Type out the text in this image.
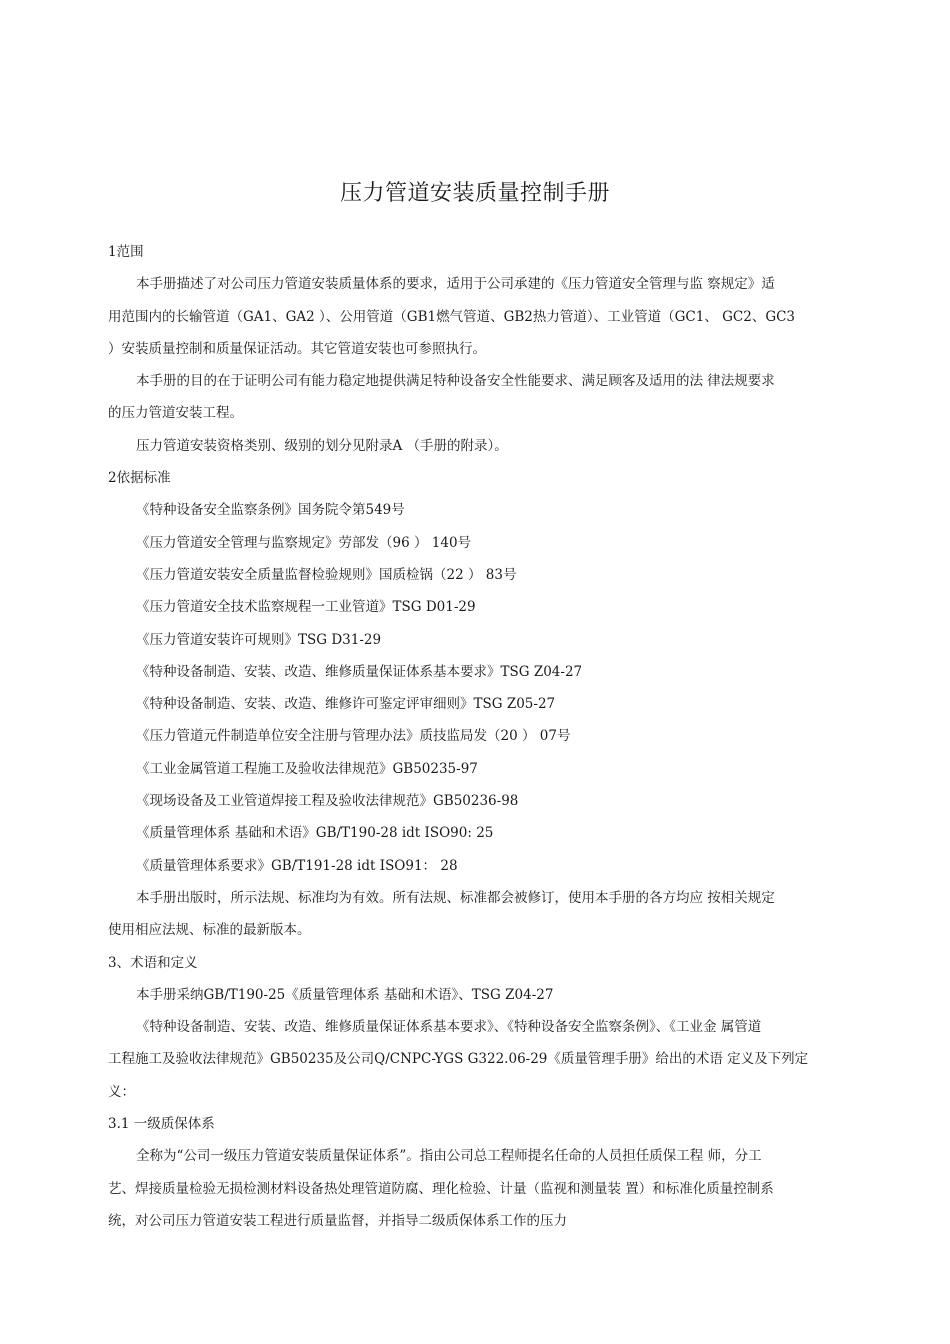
压力管道安装质量控制手册
1范围
本手册描述了对公司压力管道安装质量体系的要求，适用于公司承建的《压力管道安全管理与监 察规定》适
用范围内的长输管道（GA1、GA2 ）、公用管道（GB1燃气管道、GB2热力管道）、工业管道（GC1、 GC2、GC3
）安装质量控制和质量保证活动。其它管道安装也可参照执行。
本手册的目的在于证明公司有能力稳定地提供满足特种设备安全性能要求、满足顾客及适用的法 律法规要求
的压力管道安装工程。
压力管道安装资格类别、级别的划分见附录A （手册的附录）。
2依据标准
《特种设备安全监察条例》国务院令第549号
《压力管道安全管理与监察规定》劳部发（96 ） 140号
《压力管道安装安全质量监督检验规则》国质检锅（22 ） 83号
《压力管道安全技术监察规程一工业管道》TSG D01-29
《压力管道安装许可规则》TSG D31-29
《特种设备制造、安装、改造、维修质量保证体系基本要求》TSG Z04-27
《特种设备制造、安装、改造、维修许可鉴定评审细则》TSG Z05-27
《压力管道元件制造单位安全注册与管理办法》质技监局发（20 ） 07号
《工业金属管道工程施工及验收法律规范》GB50235-97
《现场设备及工业管道焊接工程及验收法律规范》GB50236-98
《质量管理体系 基础和术语》GB/T190-28 idt ISO90: 25
《质量管理体系要求》GB/T191-28 idt ISO91： 28
本手册出版时，所示法规、标准均为有效。所有法规、标准都会被修订，使用本手册的各方均应 按相关规定
使用相应法规、标准的最新版本。
3、术语和定义
本手册采纳GB/T190-25《质量管理体系 基础和术语》、TSG Z04-27
《特种设备制造、安装、改造、维修质量保证体系基本要求》、《特种设备安全监察条例》、《工业金 属管道
工程施工及验收法律规范》GB50235及公司Q/CNPC-YGS G322.06-29《质量管理手册》给出的术语 定义及下列定
义：
3.1 一级质保体系
全称为“公司一级压力管道安装质量保证体系”。指由公司总工程师提名任命的人员担任质保工程 师，分工
艺、焊接质量检验无损检测材料设备热处理管道防腐、理化检验、计量（监视和测量装 置）和标准化质量控制系
统，对公司压力管道安装工程进行质量监督，并指导二级质保体系工作的压力
